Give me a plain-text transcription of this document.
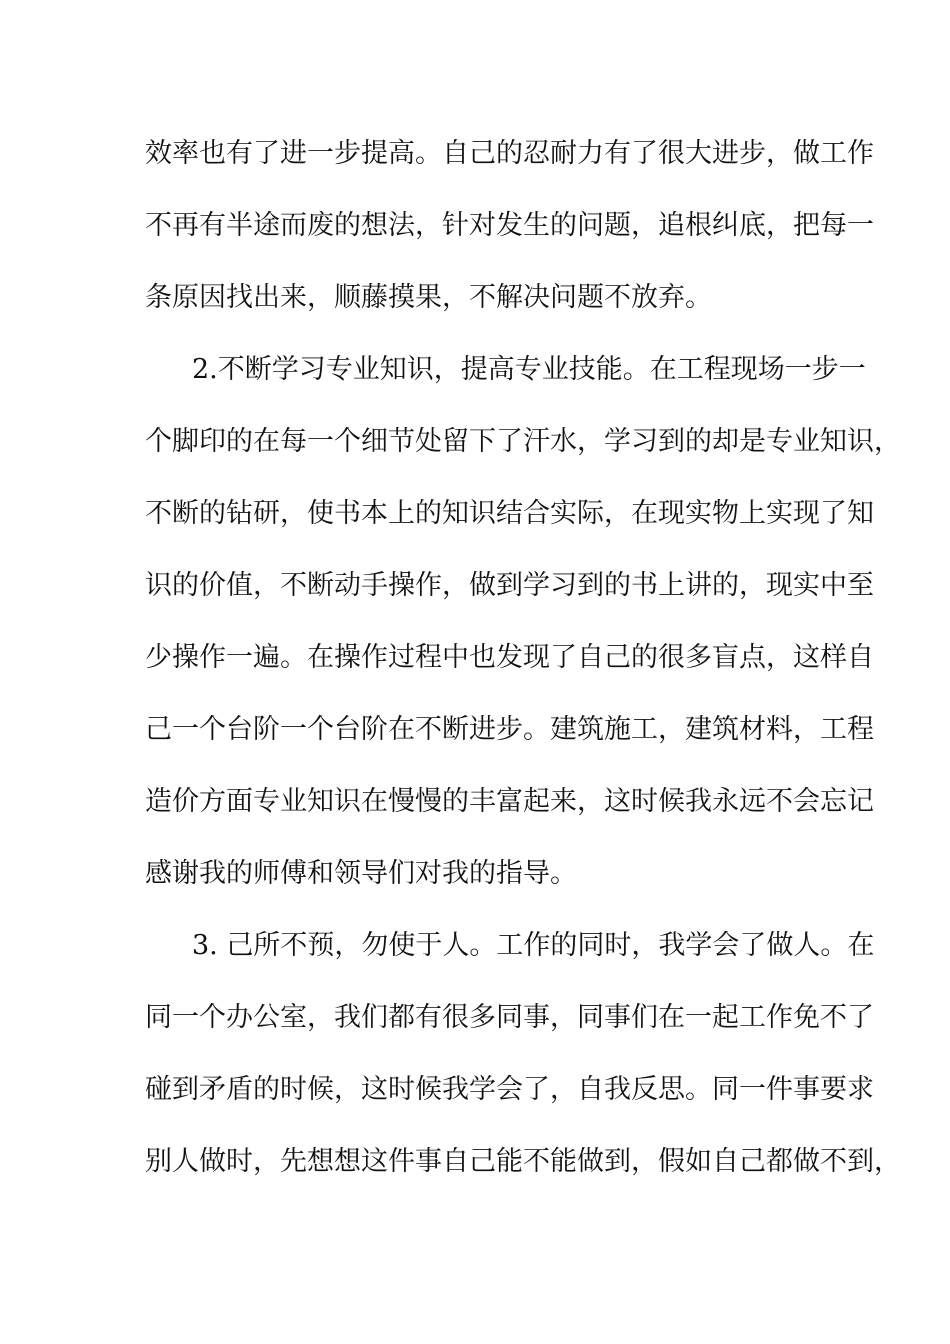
效率也有了进一步提高。自己的忍耐力有了很大进步，做工作
不再有半途而废的想法，针对发生的问题，追根纠底，把每一
条原因找出来，顺藤摸果，不解决问题不放弃。
2.不断学习专业知识，提高专业技能。在工程现场一步一
个脚印的在每一个细节处留下了汗水，学习到的却是专业知识，
不断的钻研，使书本上的知识结合实际，在现实物上实现了知
识的价值，不断动手操作，做到学习到的书上讲的，现实中至
少操作一遍。在操作过程中也发现了自己的很多盲点，这样自
己一个台阶一个台阶在不断进步。建筑施工，建筑材料，工程
造价方面专业知识在慢慢的丰富起来，这时候我永远不会忘记
感谢我的师傅和领导们对我的指导。
3. 己所不预，勿使于人。工作的同时，我学会了做人。在
同一个办公室，我们都有很多同事，同事们在一起工作免不了
碰到矛盾的时候，这时候我学会了，自我反思。同一件事要求
别人做时，先想想这件事自己能不能做到，假如自己都做不到，
